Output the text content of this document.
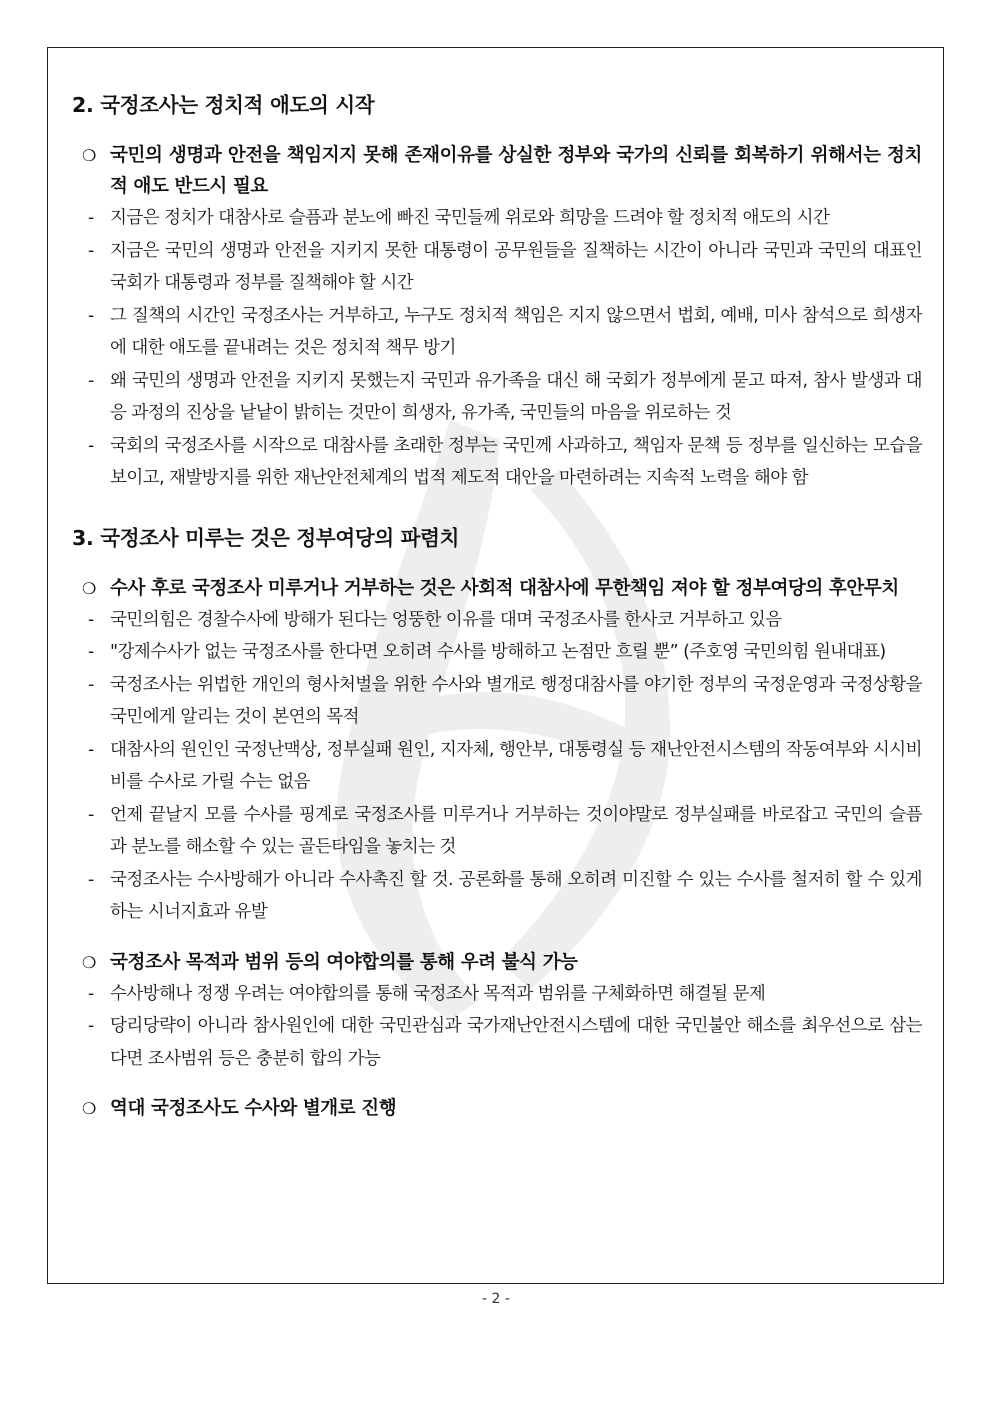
2. 국정조사는 정치적 애도의 시작
❍ 국민의 생명과 안전을 책임지지 못해 존재이유를 상실한 정부와 국가의 신뢰를 회복하기 위해서는 정치적 애도 반드시 필요
- 지금은 정치가 대참사로 슬픔과 분노에 빠진 국민들께 위로와 희망을 드려야 할 정치적 애도의 시간
- 지금은 국민의 생명과 안전을 지키지 못한 대통령이 공무원들을 질책하는 시간이 아니라 국민과 국민의 대표인 국회가 대통령과 정부를 질책해야 할 시간
- 그 질책의 시간인 국정조사는 거부하고, 누구도 정치적 책임은 지지 않으면서 법회, 예배, 미사 참석으로 희생자에 대한 애도를 끝내려는 것은 정치적 책무 방기
- 왜 국민의 생명과 안전을 지키지 못했는지 국민과 유가족을 대신 해 국회가 정부에게 묻고 따져, 참사 발생과 대응 과정의 진상을 낱낱이 밝히는 것만이 희생자, 유가족, 국민들의 마음을 위로하는 것
- 국회의 국정조사를 시작으로 대참사를 초래한 정부는 국민께 사과하고, 책임자 문책 등 정부를 일신하는 모습을 보이고, 재발방지를 위한 재난안전체계의 법적 제도적 대안을 마련하려는 지속적 노력을 해야 함
3. 국정조사 미루는 것은 정부여당의 파렴치
❍ 수사 후로 국정조사 미루거나 거부하는 것은 사회적 대참사에 무한책임 져야 할 정부여당의 후안무치
- 국민의힘은 경찰수사에 방해가 된다는 엉뚱한 이유를 대며 국정조사를 한사코 거부하고 있음
- "강제수사가 없는 국정조사를 한다면 오히려 수사를 방해하고 논점만 흐릴 뿐” (주호영 국민의힘 원내대표)
- 국정조사는 위법한 개인의 형사처벌을 위한 수사와 별개로 행정대참사를 야기한 정부의 국정운영과 국정상황을 국민에게 알리는 것이 본연의 목적
- 대참사의 원인인 국정난맥상, 정부실패 원인, 지자체, 행안부, 대통령실 등 재난안전시스템의 작동여부와 시시비비를 수사로 가릴 수는 없음
- 언제 끝날지 모를 수사를 핑계로 국정조사를 미루거나 거부하는 것이야말로 정부실패를 바로잡고 국민의 슬픔과 분노를 해소할 수 있는 골든타임을 놓치는 것
- 국정조사는 수사방해가 아니라 수사촉진 할 것. 공론화를 통해 오히려 미진할 수 있는 수사를 철저히 할 수 있게 하는 시너지효과 유발
❍ 국정조사 목적과 범위 등의 여야합의를 통해 우려 불식 가능
- 수사방해나 정쟁 우려는 여야합의를 통해 국정조사 목적과 범위를 구체화하면 해결될 문제
- 당리당략이 아니라 참사원인에 대한 국민관심과 국가재난안전시스템에 대한 국민불안 해소를 최우선으로 삼는다면 조사범위 등은 충분히 합의 가능
❍ 역대 국정조사도 수사와 별개로 진행
- 2 -
